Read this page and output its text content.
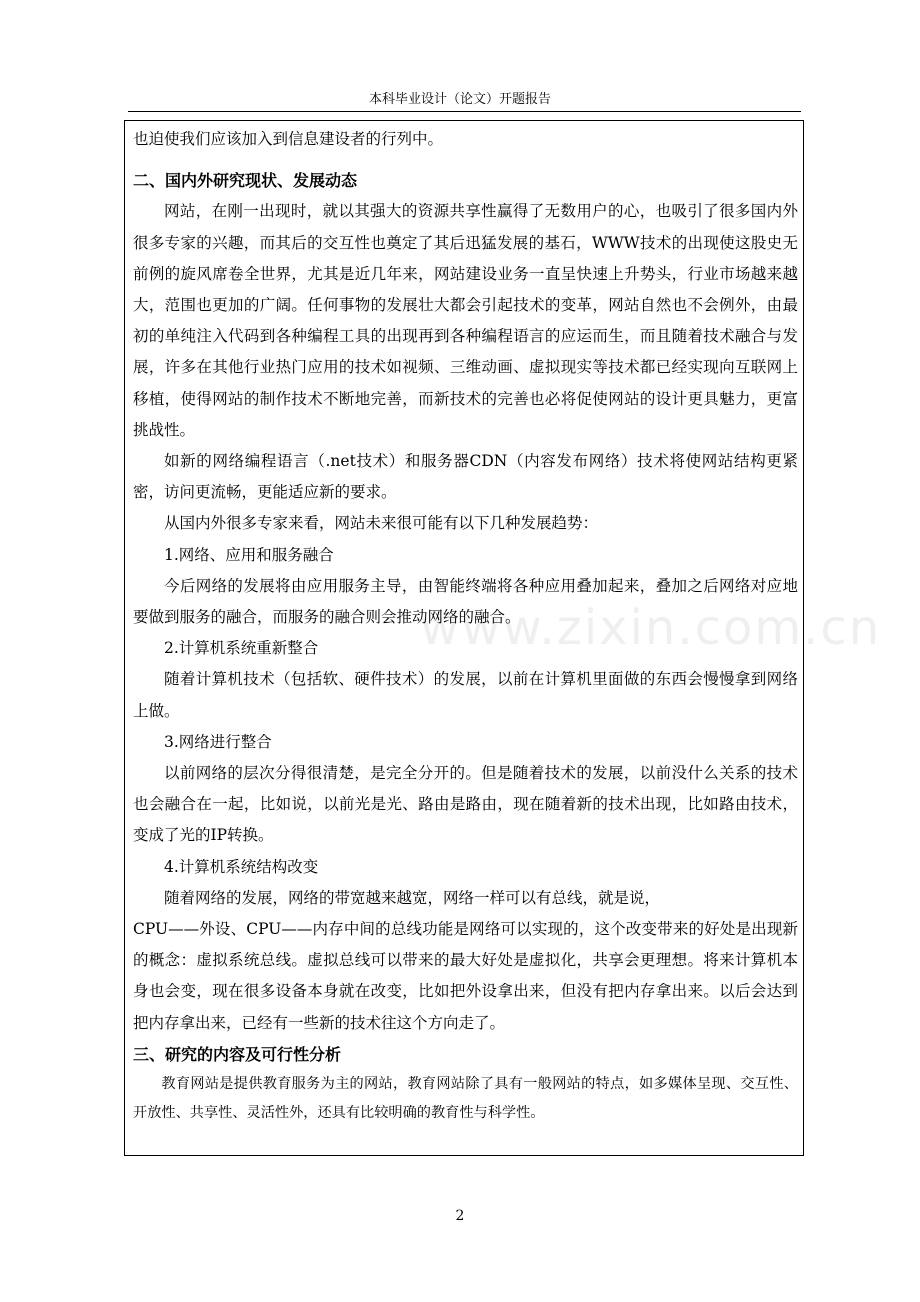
本科毕业设计（论文）开题报告
www.zixin.com.cn

也迫使我们应该加入到信息建设者的行列中。

二、国内外研究现状、发展动态

网站，在刚一出现时，就以其强大的资源共享性赢得了无数用户的心，也吸引了很多国内外很多专家的兴趣，而其后的交互性也奠定了其后迅猛发展的基石，WWW技术的出现使这股史无前例的旋风席卷全世界，尤其是近几年来，网站建设业务一直呈快速上升势头，行业市场越来越大，范围也更加的广阔。任何事物的发展壮大都会引起技术的变革，网站自然也不会例外，由最初的单纯注入代码到各种编程工具的出现再到各种编程语言的应运而生，而且随着技术融合与发展，许多在其他行业热门应用的技术如视频、三维动画、虚拟现实等技术都已经实现向互联网上移植，使得网站的制作技术不断地完善，而新技术的完善也必将促使网站的设计更具魅力，更富挑战性。

如新的网络编程语言（.net技术）和服务器CDN（内容发布网络）技术将使网站结构更紧密，访问更流畅，更能适应新的要求。

从国内外很多专家来看，网站未来很可能有以下几种发展趋势：

1.网络、应用和服务融合

今后网络的发展将由应用服务主导，由智能终端将各种应用叠加起来，叠加之后网络对应地要做到服务的融合，而服务的融合则会推动网络的融合。

2.计算机系统重新整合

随着计算机技术（包括软、硬件技术）的发展，以前在计算机里面做的东西会慢慢拿到网络上做。

3.网络进行整合

以前网络的层次分得很清楚，是完全分开的。但是随着技术的发展，以前没什么关系的技术也会融合在一起，比如说，以前光是光、路由是路由，现在随着新的技术出现，比如路由技术，变成了光的IP转换。

4.计算机系统结构改变

随着网络的发展，网络的带宽越来越宽，网络一样可以有总线，就是说，

CPU——外设、CPU——内存中间的总线功能是网络可以实现的，这个改变带来的好处是出现新的概念：虚拟系统总线。虚拟总线可以带来的最大好处是虚拟化，共享会更理想。将来计算机本身也会变，现在很多设备本身就在改变，比如把外设拿出来，但没有把内存拿出来。以后会达到把内存拿出来，已经有一些新的技术往这个方向走了。

三、研究的内容及可行性分析

教育网站是提供教育服务为主的网站，教育网站除了具有一般网站的特点，如多媒体呈现、交互性、开放性、共享性、灵活性外，还具有比较明确的教育性与科学性。

2
